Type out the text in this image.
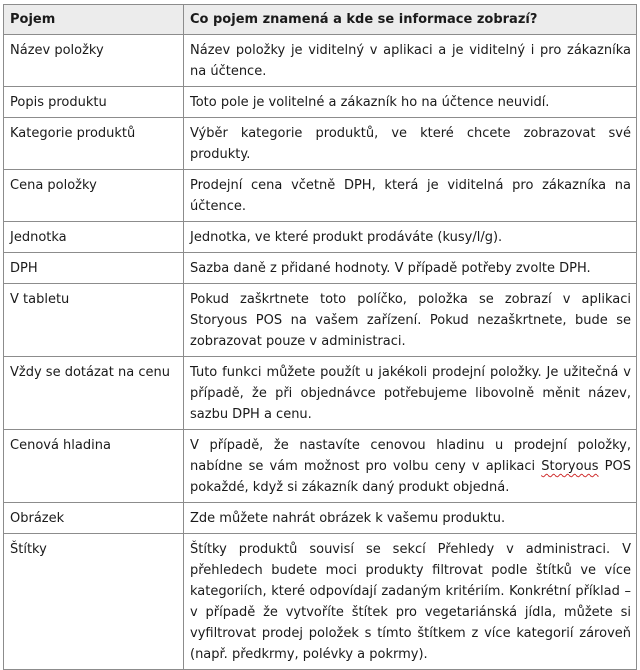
Pojem	Co pojem znamená a kde se informace zobrazí?
Název položky	Název položky je viditelný v aplikaci a je viditelný i pro zákazníka na účtence.
Popis produktu	Toto pole je volitelné a zákazník ho na účtence neuvidí.
Kategorie produktů	Výběr kategorie produktů, ve které chcete zobrazovat své produkty.
Cena položky	Prodejní cena včetně DPH, která je viditelná pro zákazníka na účtence.
Jednotka	Jednotka, ve které produkt prodáváte (kusy/l/g).
DPH	Sazba daně z přidané hodnoty. V případě potřeby zvolte DPH.
V tabletu	Pokud zaškrtnete toto políčko, položka se zobrazí v aplikaci Storyous POS na vašem zařízení. Pokud nezaškrtnete, bude se zobrazovat pouze v administraci.
Vždy se dotázat na cenu	Tuto funkci můžete použít u jakékoli prodejní položky. Je užitečná v případě, že při objednávce potřebujeme libovolně měnit název, sazbu DPH a cenu.
Cenová hladina	V případě, že nastavíte cenovou hladinu u prodejní položky, nabídne se vám možnost pro volbu ceny v aplikaci Storyous POS pokaždé, když si zákazník daný produkt objedná.
Obrázek	Zde můžete nahrát obrázek k vašemu produktu.
Štítky	Štítky produktů souvisí se sekcí Přehledy v administraci. V přehledech budete moci produkty filtrovat podle štítků ve více kategoriích, které odpovídají zadaným kritériím. Konkrétní příklad – v případě že vytvoříte štítek pro vegetariánská jídla, můžete si vyfiltrovat prodej položek s tímto štítkem z více kategorií zároveň (např. předkrmy, polévky a pokrmy).
